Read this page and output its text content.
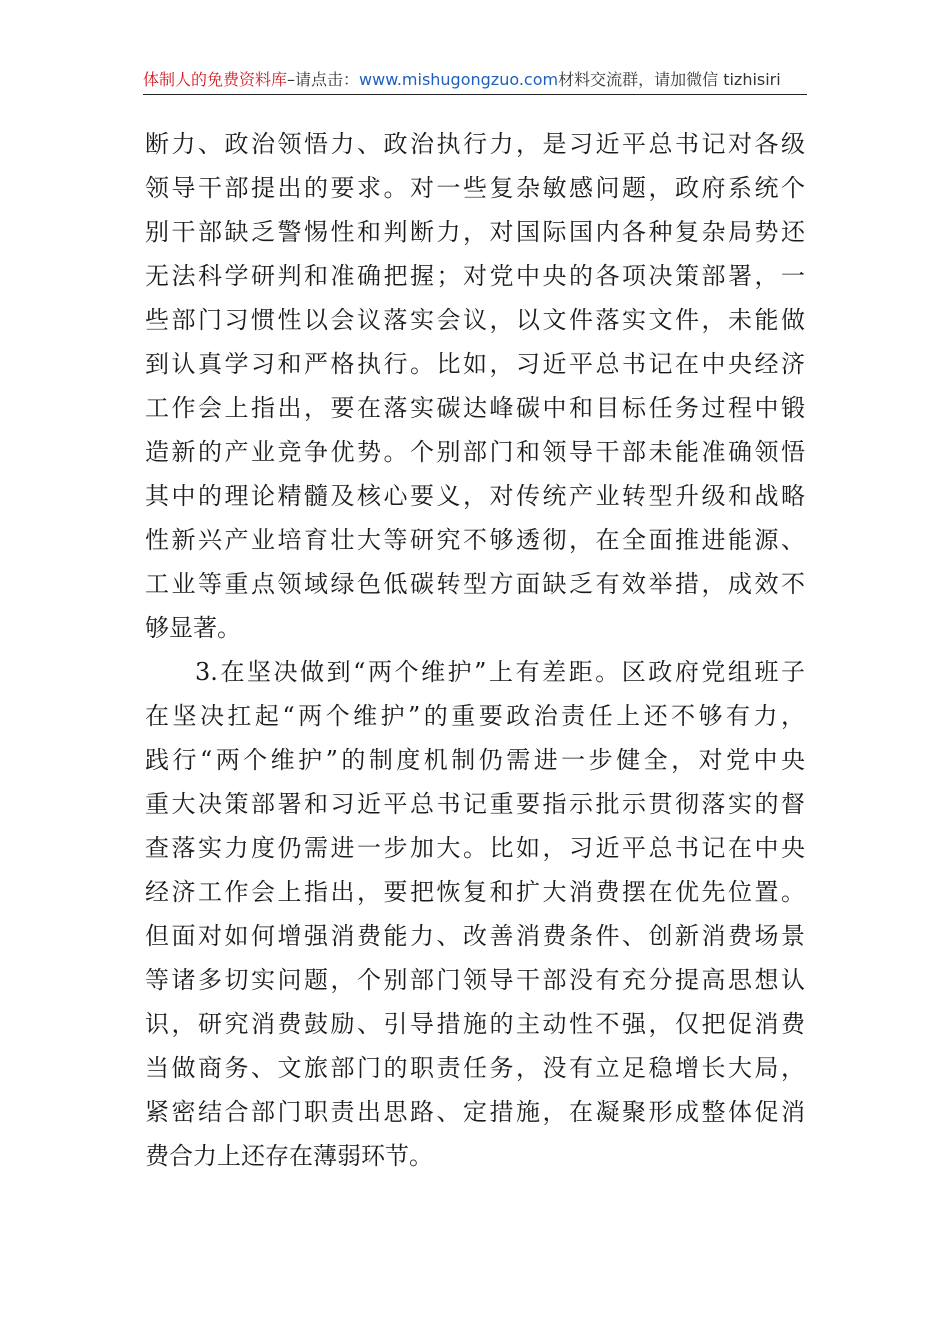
体制人的免费资料库–请点击：www.mishugongzuo.com材料交流群，请加微信 tizhisiri
断力、政治领悟力、政治执行力，是习近平总书记对各级
领导干部提出的要求。对一些复杂敏感问题，政府系统个
别干部缺乏警惕性和判断力，对国际国内各种复杂局势还
无法科学研判和准确把握；对党中央的各项决策部署，一
些部门习惯性以会议落实会议，以文件落实文件，未能做
到认真学习和严格执行。比如，习近平总书记在中央经济
工作会上指出，要在落实碳达峰碳中和目标任务过程中锻
造新的产业竞争优势。个别部门和领导干部未能准确领悟
其中的理论精髓及核心要义，对传统产业转型升级和战略
性新兴产业培育壮大等研究不够透彻，在全面推进能源、
工业等重点领域绿色低碳转型方面缺乏有效举措，成效不
够显著。
3.在坚决做到“两个维护”上有差距。区政府党组班子
在坚决扛起“两个维护”的重要政治责任上还不够有力，
践行“两个维护”的制度机制仍需进一步健全，对党中央
重大决策部署和习近平总书记重要指示批示贯彻落实的督
查落实力度仍需进一步加大。比如，习近平总书记在中央
经济工作会上指出，要把恢复和扩大消费摆在优先位置。
但面对如何增强消费能力、改善消费条件、创新消费场景
等诸多切实问题，个别部门领导干部没有充分提高思想认
识，研究消费鼓励、引导措施的主动性不强，仅把促消费
当做商务、文旅部门的职责任务，没有立足稳增长大局，
紧密结合部门职责出思路、定措施，在凝聚形成整体促消
费合力上还存在薄弱环节。
